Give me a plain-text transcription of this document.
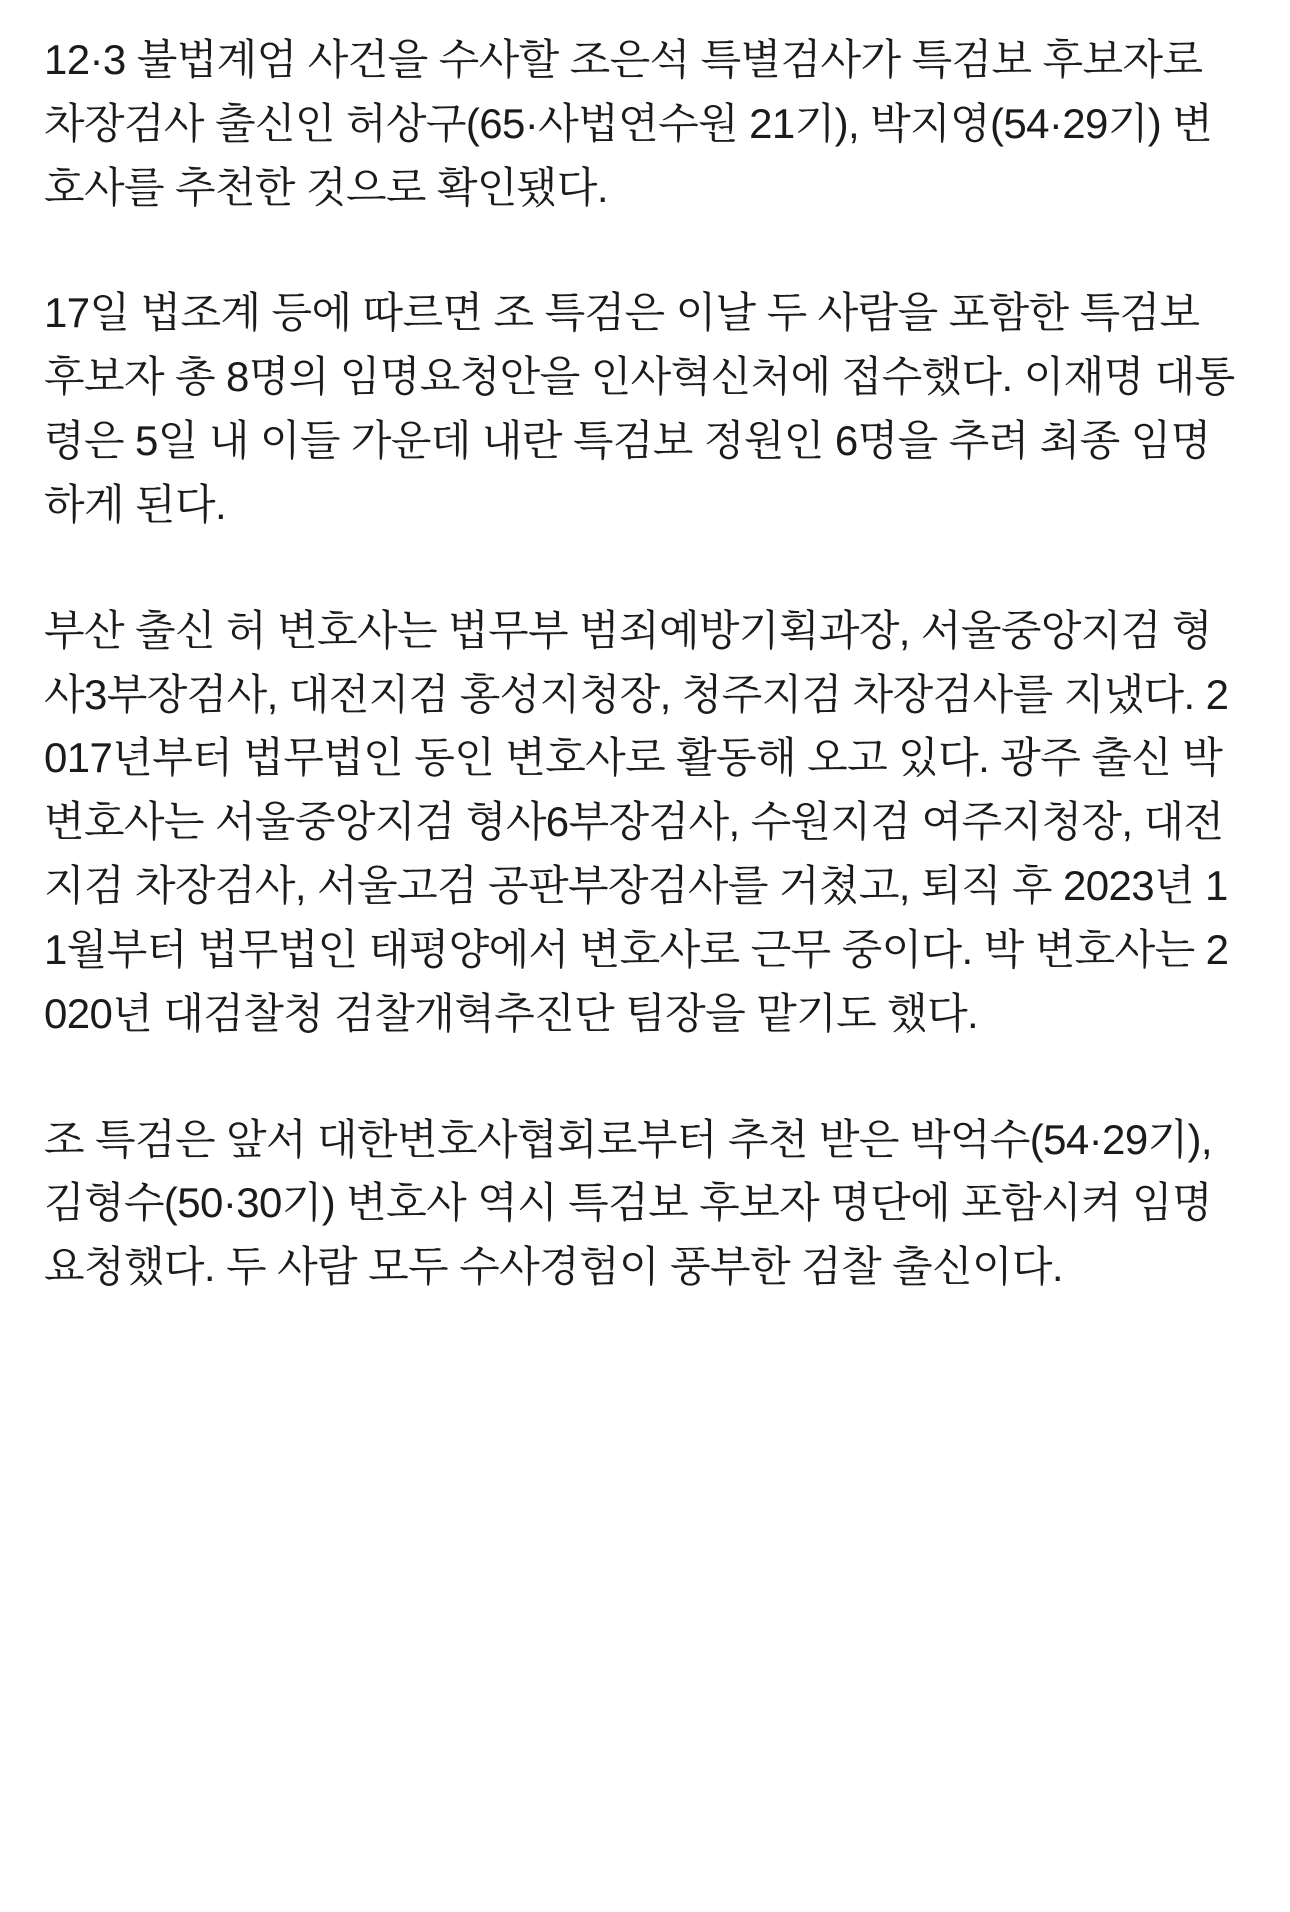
12·3 불법계엄 사건을 수사할 조은석 특별검사가 특검보 후보자로 차장검사 출신인 허상구(65·사법연수원 21기), 박지영(54·29기) 변호사를 추천한 것으로 확인됐다.

17일 법조계 등에 따르면 조 특검은 이날 두 사람을 포함한 특검보 후보자 총 8명의 임명요청안을 인사혁신처에 접수했다. 이재명 대통령은 5일 내 이들 가운데 내란 특검보 정원인 6명을 추려 최종 임명하게 된다.

부산 출신 허 변호사는 법무부 범죄예방기획과장, 서울중앙지검 형사3부장검사, 대전지검 홍성지청장, 청주지검 차장검사를 지냈다. 2017년부터 법무법인 동인 변호사로 활동해 오고 있다. 광주 출신 박 변호사는 서울중앙지검 형사6부장검사, 수원지검 여주지청장, 대전지검 차장검사, 서울고검 공판부장검사를 거쳤고, 퇴직 후 2023년 11월부터 법무법인 태평양에서 변호사로 근무 중이다. 박 변호사는 2020년 대검찰청 검찰개혁추진단 팀장을 맡기도 했다.

조 특검은 앞서 대한변호사협회로부터 추천 받은 박억수(54·29기), 김형수(50·30기) 변호사 역시 특검보 후보자 명단에 포함시켜 임명 요청했다. 두 사람 모두 수사경험이 풍부한 검찰 출신이다.
